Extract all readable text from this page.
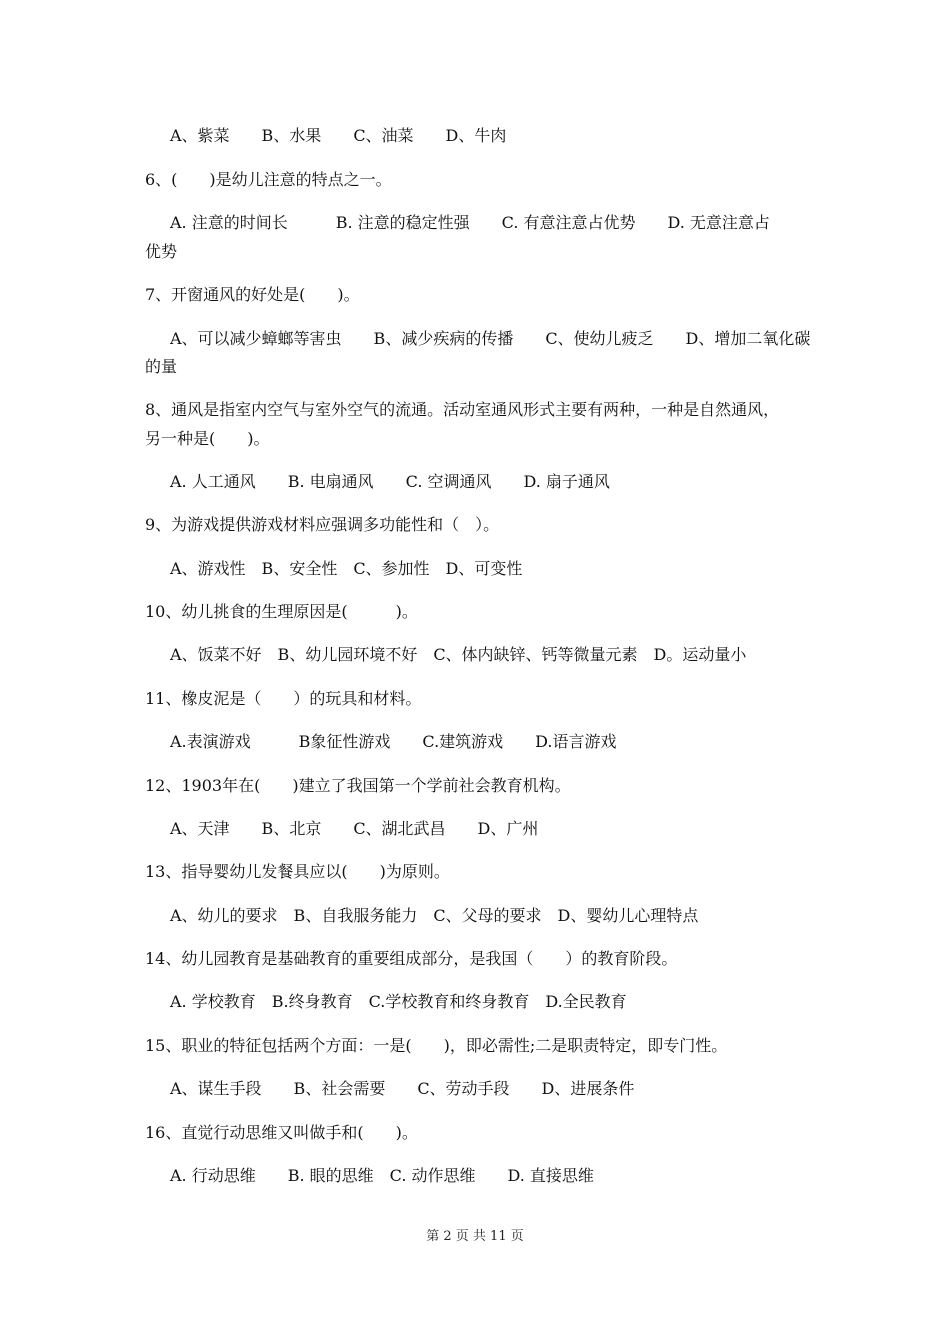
A、紫菜　　B、水果　　C、油菜　　D、牛肉
6、(　　)是幼儿注意的特点之一。
A. 注意的时间长　　　B. 注意的稳定性强　　C. 有意注意占优势　　D. 无意注意占
优势
7、开窗通风的好处是(　　)。
A、可以减少蟑螂等害虫　　B、减少疾病的传播　　C、使幼儿疲乏　　D、增加二氧化碳
的量
8、通风是指室内空气与室外空气的流通。活动室通风形式主要有两种，一种是自然通风，
另一种是(　　)。
A. 人工通风　　B. 电扇通风　　C. 空调通风　　D. 扇子通风
9、为游戏提供游戏材料应强调多功能性和（　）。
A、游戏性　B、安全性　C、参加性　D、可变性
10、幼儿挑食的生理原因是(　　　)。
A、饭菜不好　B、幼儿园环境不好　C、体内缺锌、钙等微量元素　D。运动量小
11、橡皮泥是（　　）的玩具和材料。
A.表演游戏　　　B象征性游戏　　C.建筑游戏　　D.语言游戏
12、1903年在(　　)建立了我国第一个学前社会教育机构。
A、天津　　B、北京　　C、湖北武昌　　D、广州
13、指导婴幼儿发餐具应以(　　)为原则。
A、幼儿的要求　B、自我服务能力　C、父母的要求　D、婴幼儿心理特点
14、幼儿园教育是基础教育的重要组成部分，是我国（　　）的教育阶段。
A. 学校教育　B.终身教育　C.学校教育和终身教育　D.全民教育
15、职业的特征包括两个方面：一是(　　)，即必需性;二是职责特定，即专门性。
A、谋生手段　　B、社会需要　　C、劳动手段　　D、进展条件
16、直觉行动思维又叫做手和(　　)。
A. 行动思维　　B. 眼的思维　C. 动作思维　　D. 直接思维
第 2 页 共 11 页
